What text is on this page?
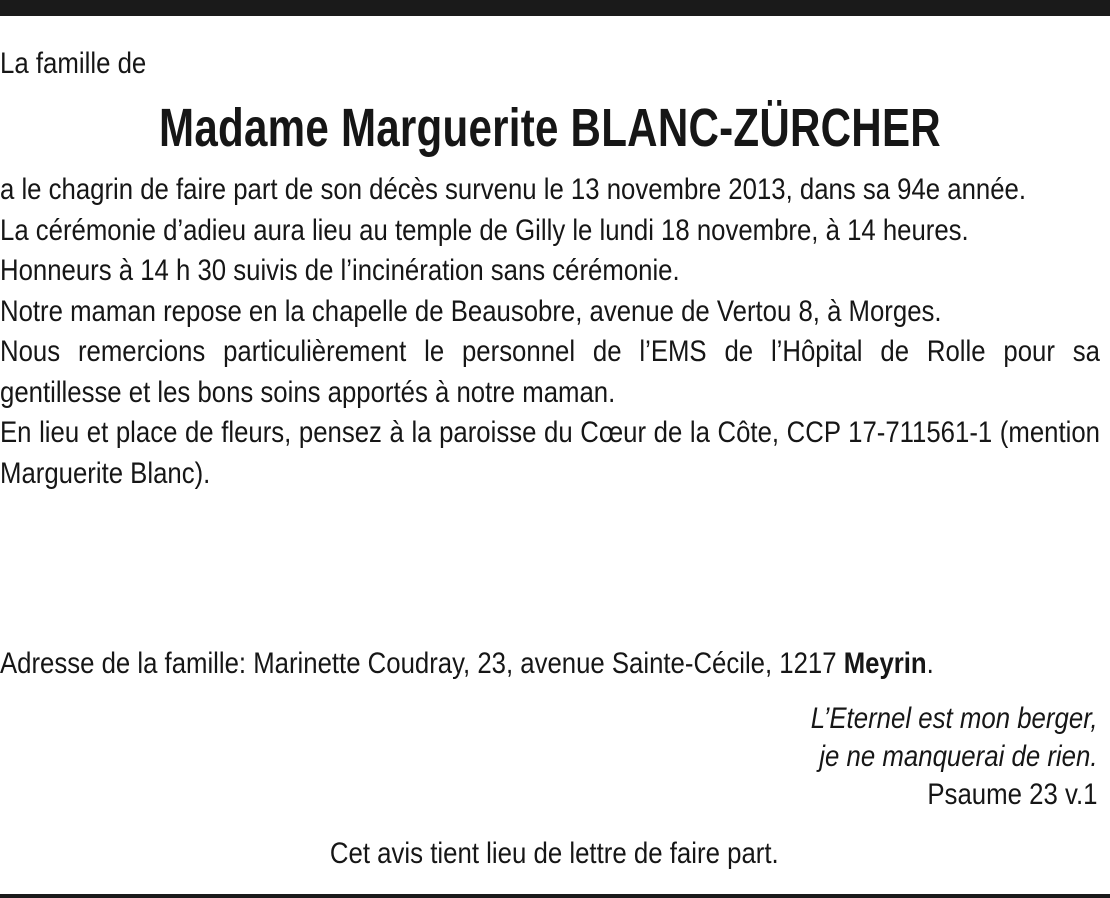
La famille de

Madame Marguerite BLANC-ZÜRCHER

a le chagrin de faire part de son décès survenu le 13 novembre 2013, dans sa 94e année.

La cérémonie d’adieu aura lieu au temple de Gilly le lundi 18 novembre, à 14 heures.

Honneurs à 14 h 30 suivis de l’incinération sans cérémonie.

Notre maman repose en la chapelle de Beausobre, avenue de Vertou 8, à Morges.

Nous remercions particulièrement le personnel de l’EMS de l’Hôpital de Rolle pour sa gentillesse et les bons soins apportés à notre maman.

En lieu et place de fleurs, pensez à la paroisse du Cœur de la Côte, CCP 17-711561-1 (mention Marguerite Blanc).

Adresse de la famille: Marinette Coudray, 23, avenue Sainte-Cécile, 1217 Meyrin.

L’Eternel est mon berger,
je ne manquerai de rien.
Psaume 23 v.1
Cet avis tient lieu de lettre de faire part.
